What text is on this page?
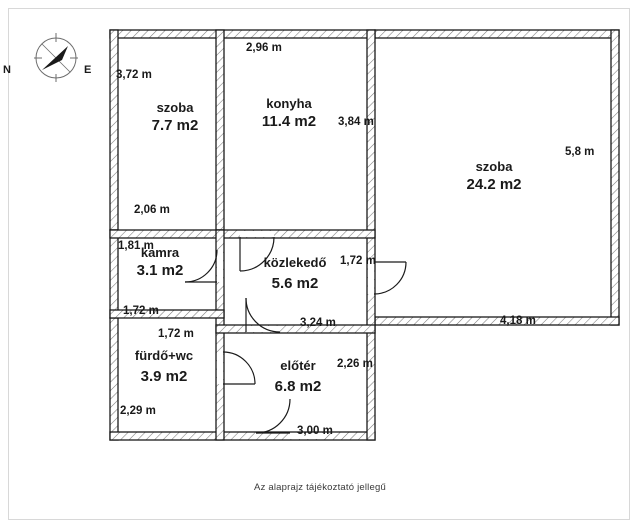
N	E
szoba
7.7 m2
konyha
11.4 m2
szoba
24.2 m2
kamra
3.1 m2	közlekedő
5.6 m2
fürdő+wc
3.9 m2
előtér
6.8 m2
3,72 m
2,96 m
3,84 m
5,8 m
2,06 m
1,81 m
1,72 m
1,72 m
3,24 m	4,18 m
1,72 m
2,26 m
2,29 m
3,00 m
Az alaprajz tájékoztató jellegű
